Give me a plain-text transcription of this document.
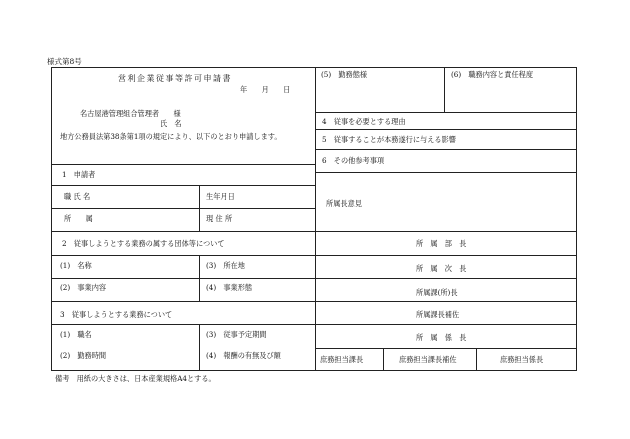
様式第8号
営利企業従事等許可申請書
年　　月　　日
名古屋港管理組合管理者　　様
氏　名
地方公務員法第38条第1項の規定により、以下のとおり申請します。
1　申請者
職 氏 名	生年月日
所　　属	現 住 所
2　従事しようとする業務の属する団体等について
(1)　名称	(3)　所在地
(2)　事業内容	(4)　事業形態
3　従事しようとする業務について
(1)　職名	(3)　従事予定期間
(2)　勤務時間	(4)　報酬の有無及び額
(5)　勤務態様	(6)　職務内容と責任程度
4　従事を必要とする理由
5　従事することが本務遂行に与える影響
6　その他参考事項
所属長意見
所　属　部　長
所　属　次　長
所属課(所)長
所属課長補佐
所　属　係　長
庶務担当課長	庶務担当課長補佐	庶務担当係長
備考　用紙の大きさは、日本産業規格A4とする。
